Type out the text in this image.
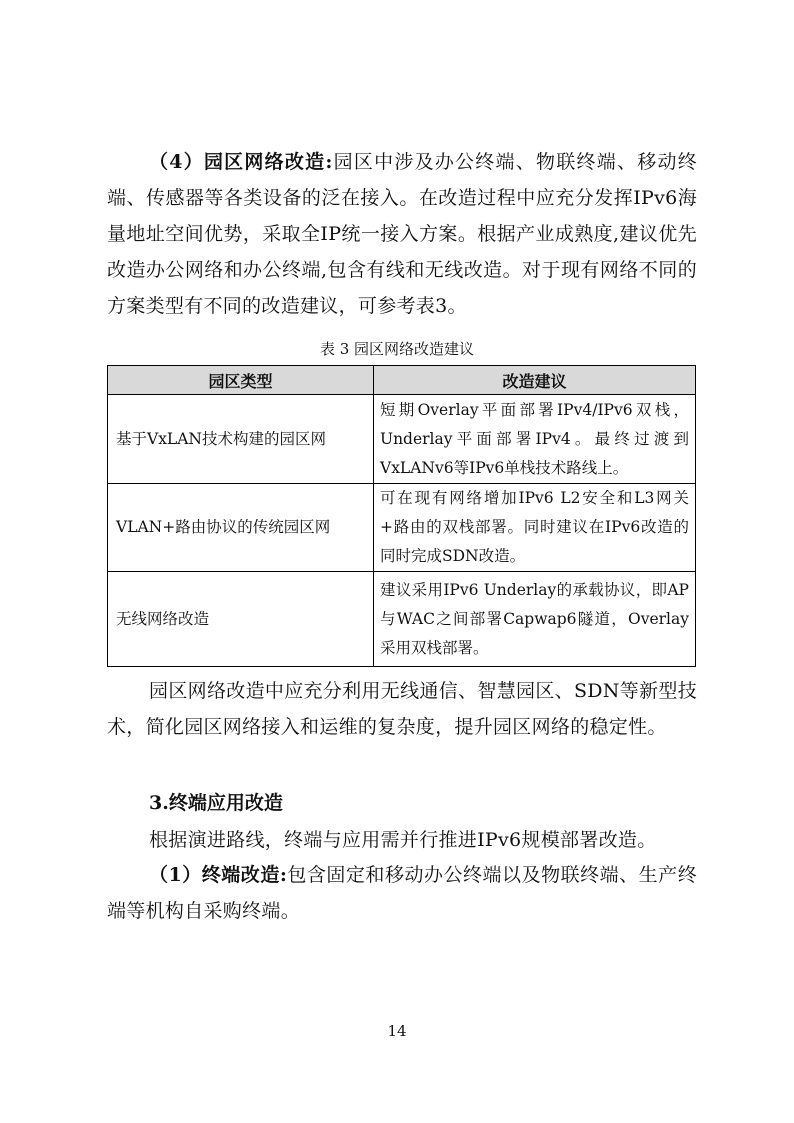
（4）园区网络改造:园区中涉及办公终端、物联终端、移动终端、传感器等各类设备的泛在接入。在改造过程中应充分发挥IPv6海量地址空间优势，采取全IP统一接入方案。根据产业成熟度,建议优先改造办公网络和办公终端,包含有线和无线改造。对于现有网络不同的方案类型有不同的改造建议，可参考表3。
表 3 园区网络改造建议
园区类型	改造建议
基于VxLAN技术构建的园区网	短期Overlay平面部署IPv4/IPv6双栈，Underlay平面部署IPv4。最终过渡到VxLANv6等IPv6单栈技术路线上。
VLAN+路由协议的传统园区网	可在现有网络增加IPv6 L2安全和L3网关+路由的双栈部署。同时建议在IPv6改造的同时完成SDN改造。
无线网络改造	建议采用IPv6 Underlay的承载协议，即AP与WAC之间部署Capwap6隧道，Overlay采用双栈部署。
园区网络改造中应充分利用无线通信、智慧园区、SDN等新型技术，简化园区网络接入和运维的复杂度，提升园区网络的稳定性。
3.终端应用改造
根据演进路线，终端与应用需并行推进IPv6规模部署改造。
（1）终端改造:包含固定和移动办公终端以及物联终端、生产终端等机构自采购终端。
14
